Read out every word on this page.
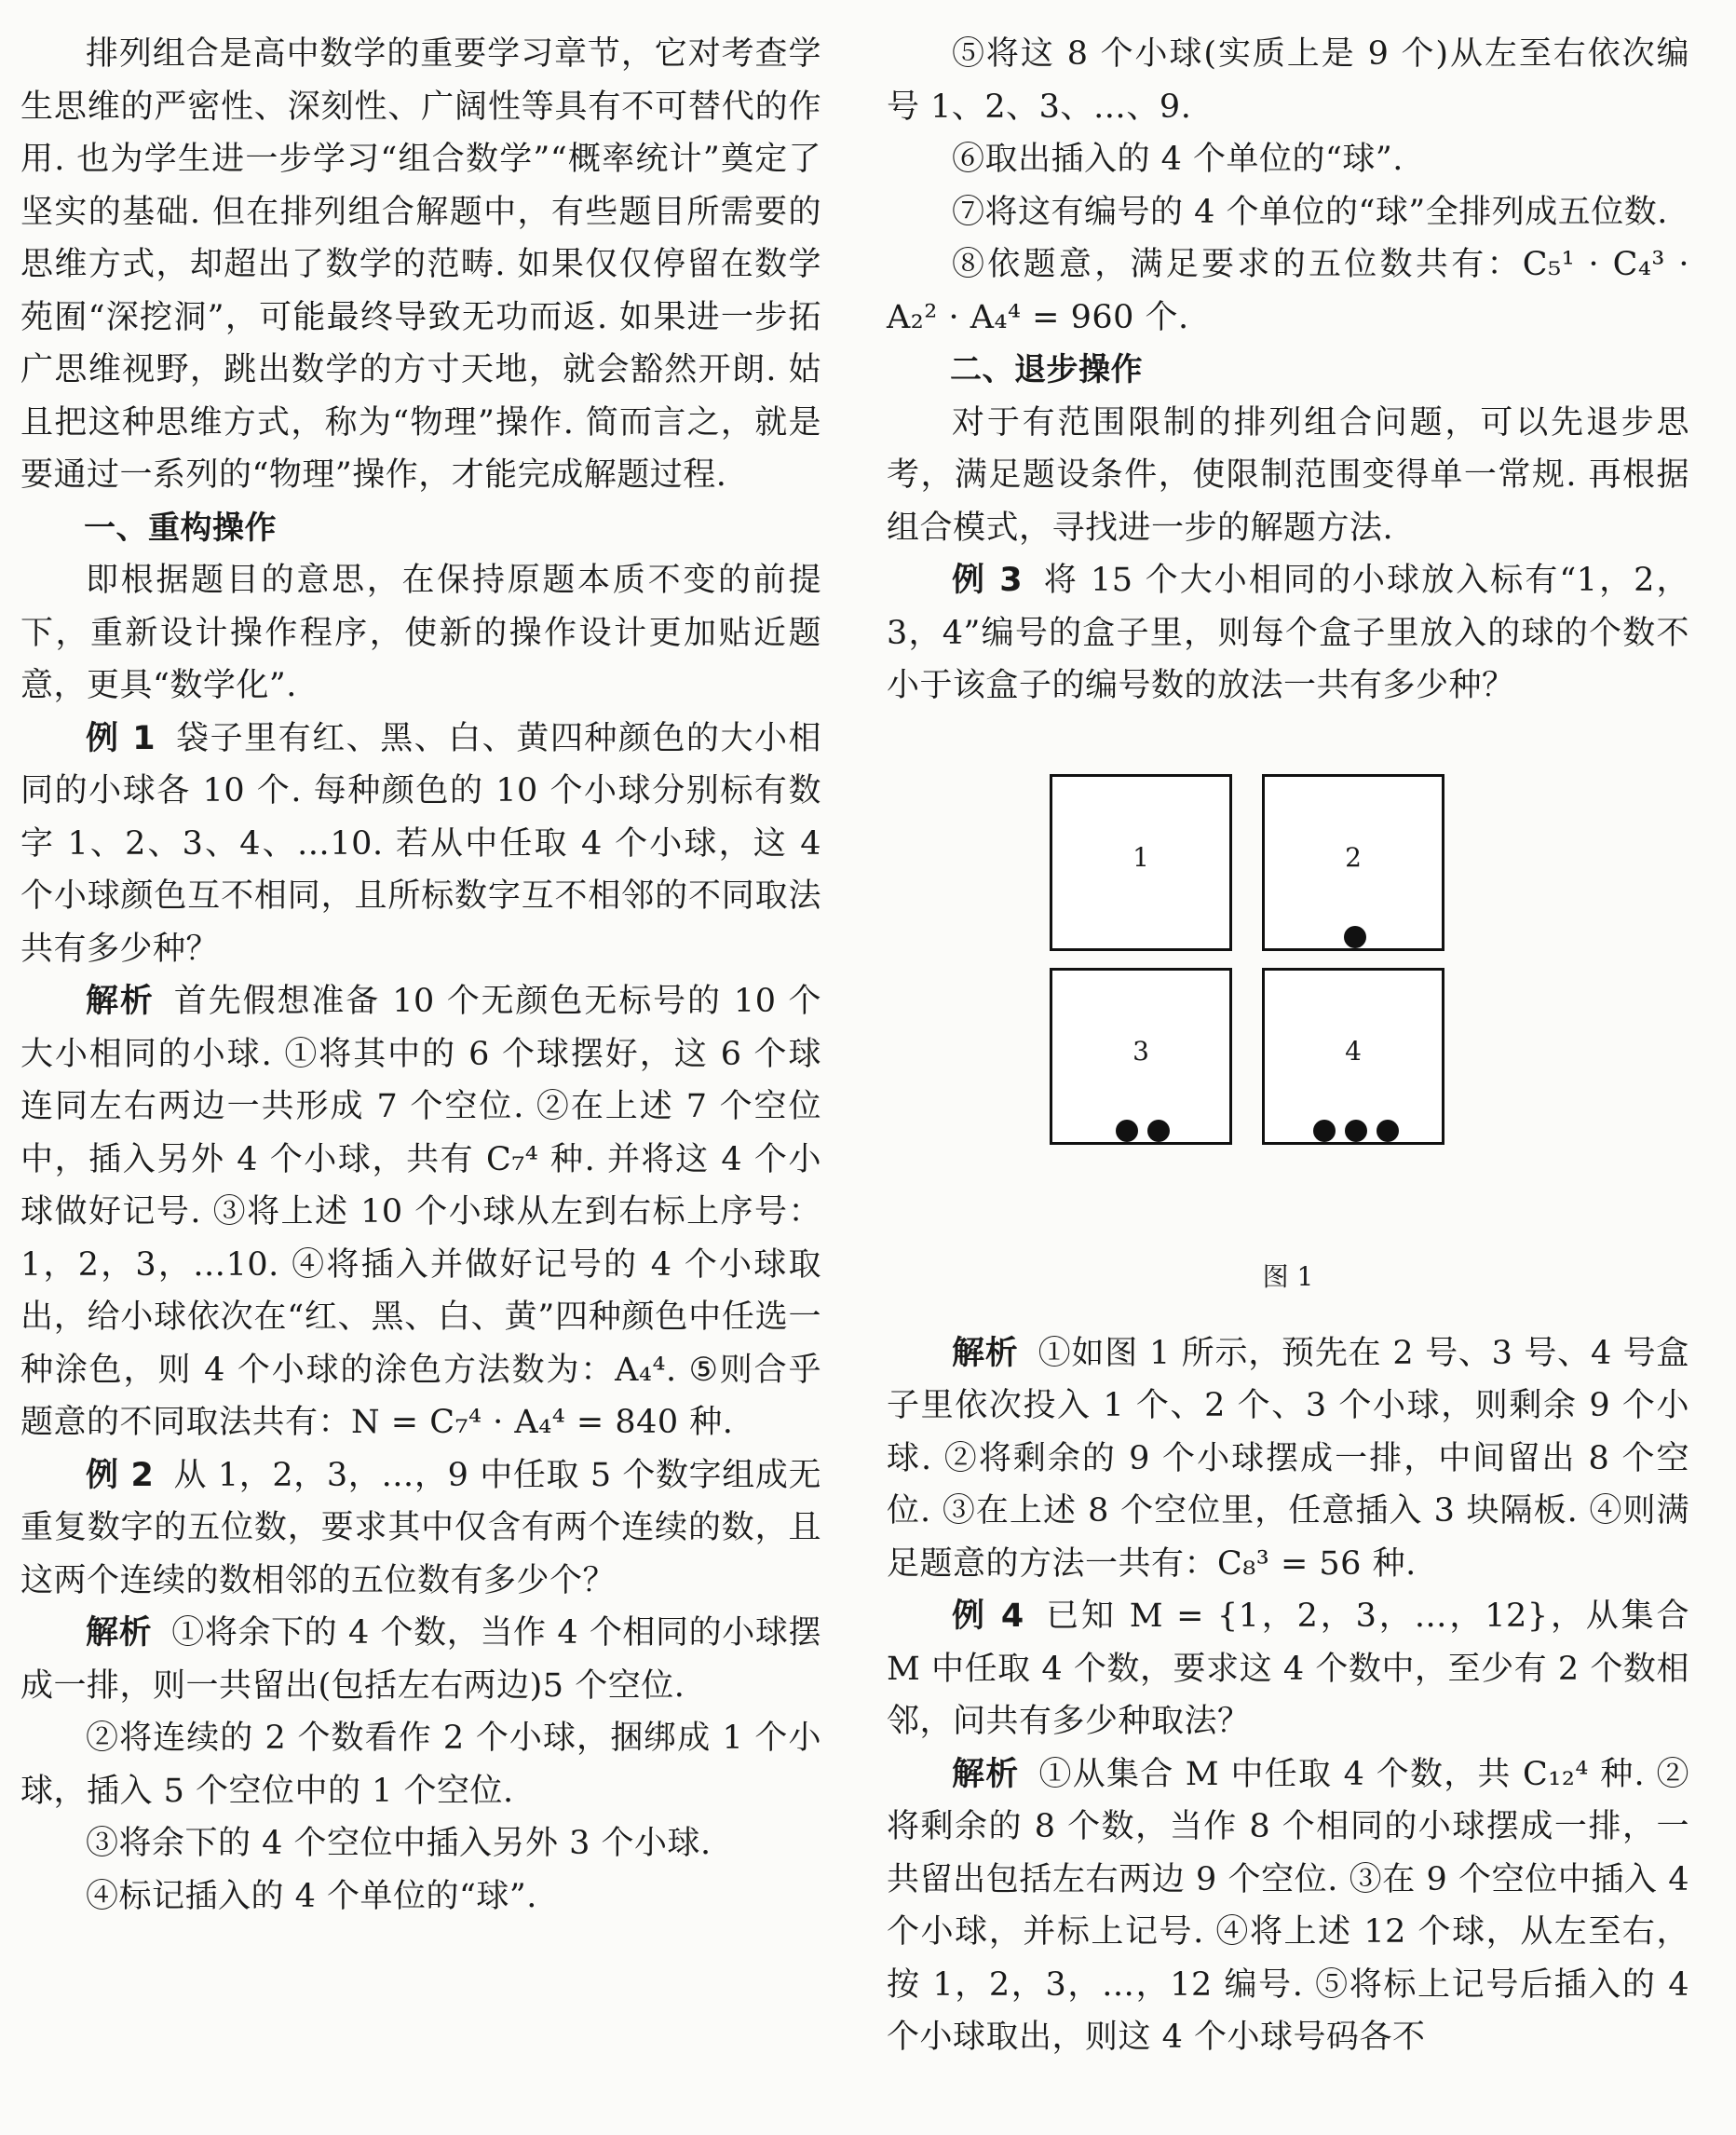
排列组合是高中数学的重要学习章节，它对考查学生思维的严密性、深刻性、广阔性等具有不可替代的作用. 也为学生进一步学习“组合数学”“概率统计”奠定了坚实的基础. 但在排列组合解题中，有些题目所需要的思维方式，却超出了数学的范畴. 如果仅仅停留在数学苑囿“深挖洞”，可能最终导致无功而返. 如果进一步拓广思维视野，跳出数学的方寸天地，就会豁然开朗. 姑且把这种思维方式，称为“物理”操作. 简而言之，就是要通过一系列的“物理”操作，才能完成解题过程.

一、重构操作

即根据题目的意思，在保持原题本质不变的前提下，重新设计操作程序，使新的操作设计更加贴近题意，更具“数学化”.

例 1 袋子里有红、黑、白、黄四种颜色的大小相同的小球各 10 个. 每种颜色的 10 个小球分别标有数字 1、2、3、4、…10. 若从中任取 4 个小球，这 4 个小球颜色互不相同，且所标数字互不相邻的不同取法共有多少种？

解析 首先假想准备 10 个无颜色无标号的 10 个大小相同的小球. ①将其中的 6 个球摆好，这 6 个球连同左右两边一共形成 7 个空位. ②在上述 7 个空位中，插入另外 4 个小球，共有 C₇⁴ 种. 并将这 4 个小球做好记号. ③将上述 10 个小球从左到右标上序号：1，2，3，…10. ④将插入并做好记号的 4 个小球取出，给小球依次在“红、黑、白、黄”四种颜色中任选一种涂色，则 4 个小球的涂色方法数为：A₄⁴. ⑤则合乎题意的不同取法共有：N = C₇⁴ · A₄⁴ = 840 种.

例 2 从 1，2，3，…，9 中任取 5 个数字组成无重复数字的五位数，要求其中仅含有两个连续的数，且这两个连续的数相邻的五位数有多少个？

解析 ①将余下的 4 个数，当作 4 个相同的小球摆成一排，则一共留出(包括左右两边)5 个空位.

②将连续的 2 个数看作 2 个小球，捆绑成 1 个小球，插入 5 个空位中的 1 个空位.

③将余下的 4 个空位中插入另外 3 个小球.

④标记插入的 4 个单位的“球”.

⑤将这 8 个小球(实质上是 9 个)从左至右依次编号 1、2、3、…、9.

⑥取出插入的 4 个单位的“球”.

⑦将这有编号的 4 个单位的“球”全排列成五位数.

⑧依题意，满足要求的五位数共有：C₅¹ · C₄³ · A₂² · A₄⁴ = 960 个.

二、退步操作

对于有范围限制的排列组合问题，可以先退步思考，满足题设条件，使限制范围变得单一常规. 再根据组合模式，寻找进一步的解题方法.

例 3 将 15 个大小相同的小球放入标有“1，2，3，4”编号的盒子里，则每个盒子里放入的球的个数不小于该盒子的编号数的放法一共有多少种？

图 1
1	2
3	4

解析 ①如图 1 所示，预先在 2 号、3 号、4 号盒子里依次投入 1 个、2 个、3 个小球，则剩余 9 个小球. ②将剩余的 9 个小球摆成一排，中间留出 8 个空位. ③在上述 8 个空位里，任意插入 3 块隔板. ④则满足题意的方法一共有：C₈³ = 56 种.

例 4 已知 M = {1，2，3，…，12}，从集合 M 中任取 4 个数，要求这 4 个数中，至少有 2 个数相邻，问共有多少种取法？

解析 ①从集合 M 中任取 4 个数，共 C₁₂⁴ 种. ②将剩余的 8 个数，当作 8 个相同的小球摆成一排，一共留出包括左右两边 9 个空位. ③在 9 个空位中插入 4 个小球，并标上记号. ④将上述 12 个球，从左至右，按 1，2，3，…，12 编号. ⑤将标上记号后插入的 4 个小球取出，则这 4 个小球号码各不
